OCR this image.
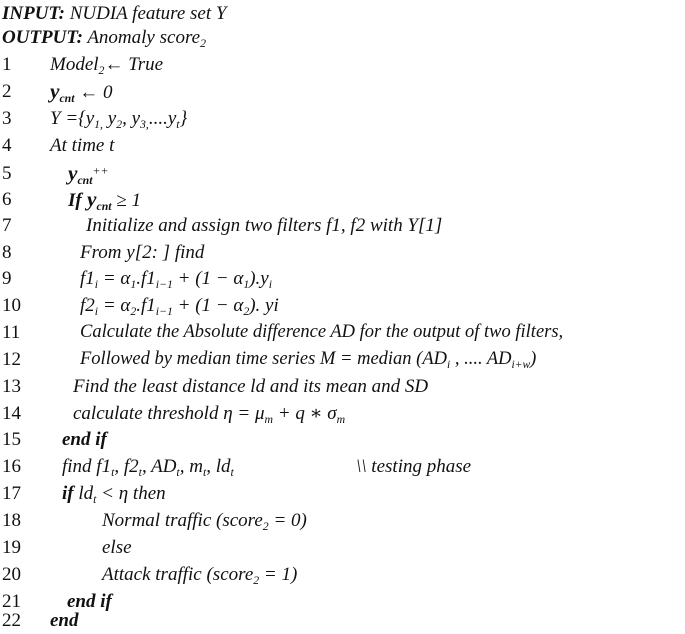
INPUT: NUDIA feature set Y
OUTPUT: Anomaly score$_2$
1 Model$_2$← True
2 $y_{cnt}$ ← 0
3 $Y =\{y_{1,}$ $y_2$, $y_{3,}....y_t$}
4 At time t
5	$y_{cnt}^{++}$
6	If $y_{cnt} \ge 1$
7	Initialize and assign two filters f1, f2 with Y[1]
8	From y[2: ] find
9	$f1_i = \alpha_1.f1_{i-1} + (1 - \alpha_1).y_i$
10	$f2_i = \alpha_2.f1_{i-1} + (1 - \alpha_2)$. yi
11	Calculate the Absolute difference AD for the output of two filters,
12	Followed by median time series M = median ($AD_i$ , .... $AD_{i+w}$)
13	Find the least distance ld and its mean and SD
14	calculate threshold $\eta = \mu_m + q$ ∗ $\sigma_m$
15 end if
16 find $f1_t$, $f2_t$, $AD_t$, $m_t$, $ld_t$	\\ testing phase
17 if $ld_t < \eta$ then
18	Normal traffic (score$_2$ = 0)
19	else
20	Attack traffic (score$_2$ = 1)
21 end if
22 end
